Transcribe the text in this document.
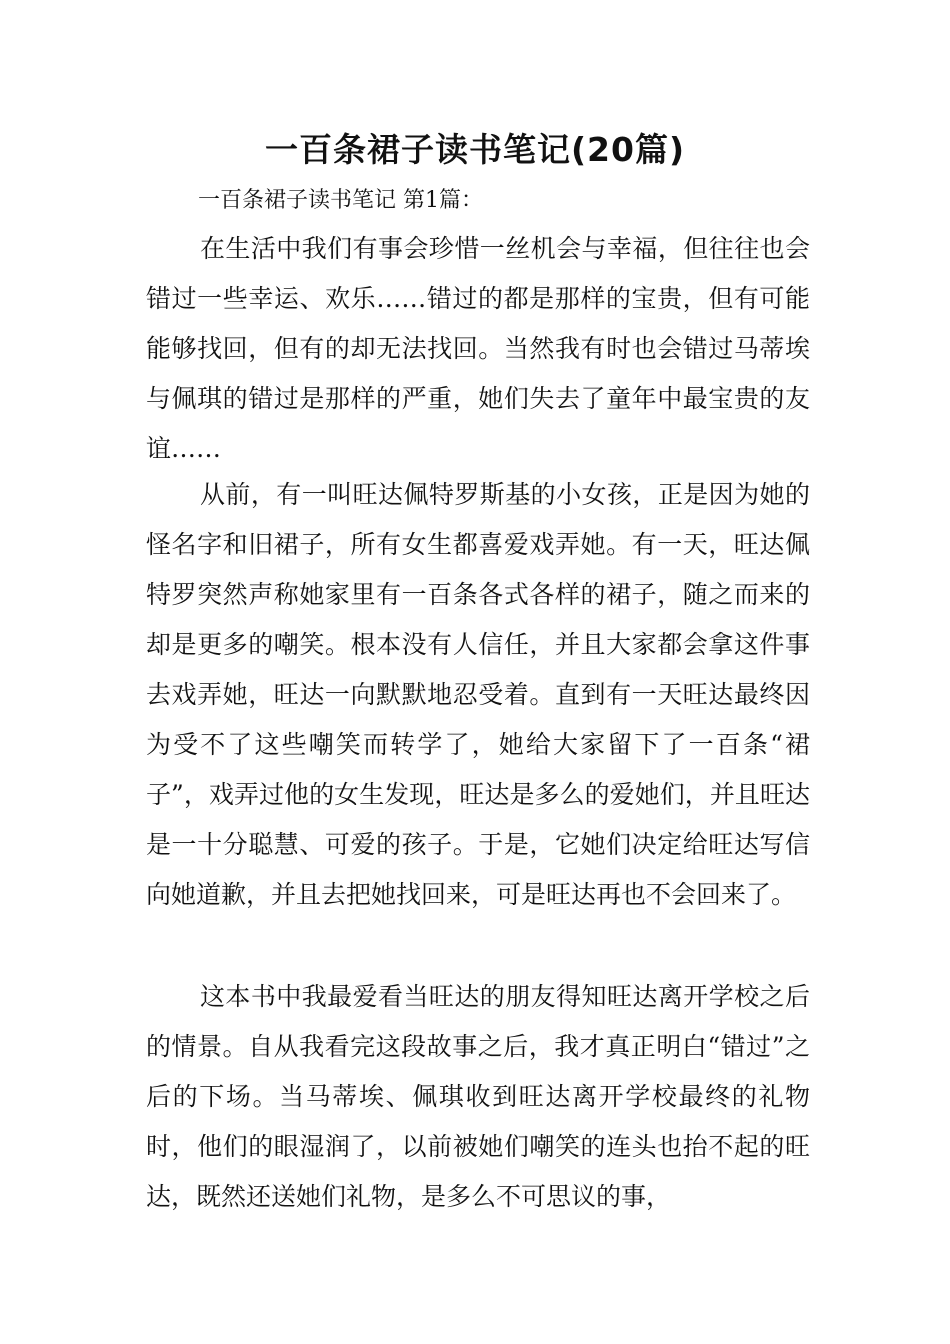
一百条裙子读书笔记(20篇)

一百条裙子读书笔记 第1篇：

在生活中我们有事会珍惜一丝机会与幸福，但往往也会错过一些幸运、欢乐……错过的都是那样的宝贵，但有可能能够找回，但有的却无法找回。当然我有时也会错过马蒂埃与佩琪的错过是那样的严重，她们失去了童年中最宝贵的友谊……

从前，有一叫旺达佩特罗斯基的小女孩，正是因为她的怪名字和旧裙子，所有女生都喜爱戏弄她。有一天，旺达佩特罗突然声称她家里有一百条各式各样的裙子，随之而来的却是更多的嘲笑。根本没有人信任，并且大家都会拿这件事去戏弄她，旺达一向默默地忍受着。直到有一天旺达最终因为受不了这些嘲笑而转学了，她给大家留下了一百条“裙子”，戏弄过他的女生发现，旺达是多么的爱她们，并且旺达是一十分聪慧、可爱的孩子。于是，它她们决定给旺达写信向她道歉，并且去把她找回来，可是旺达再也不会回来了。

这本书中我最爱看当旺达的朋友得知旺达离开学校之后的情景。自从我看完这段故事之后，我才真正明白“错过”之后的下场。当马蒂埃、佩琪收到旺达离开学校最终的礼物时，他们的眼湿润了，以前被她们嘲笑的连头也抬不起的旺达，既然还送她们礼物，是多么不可思议的事，
